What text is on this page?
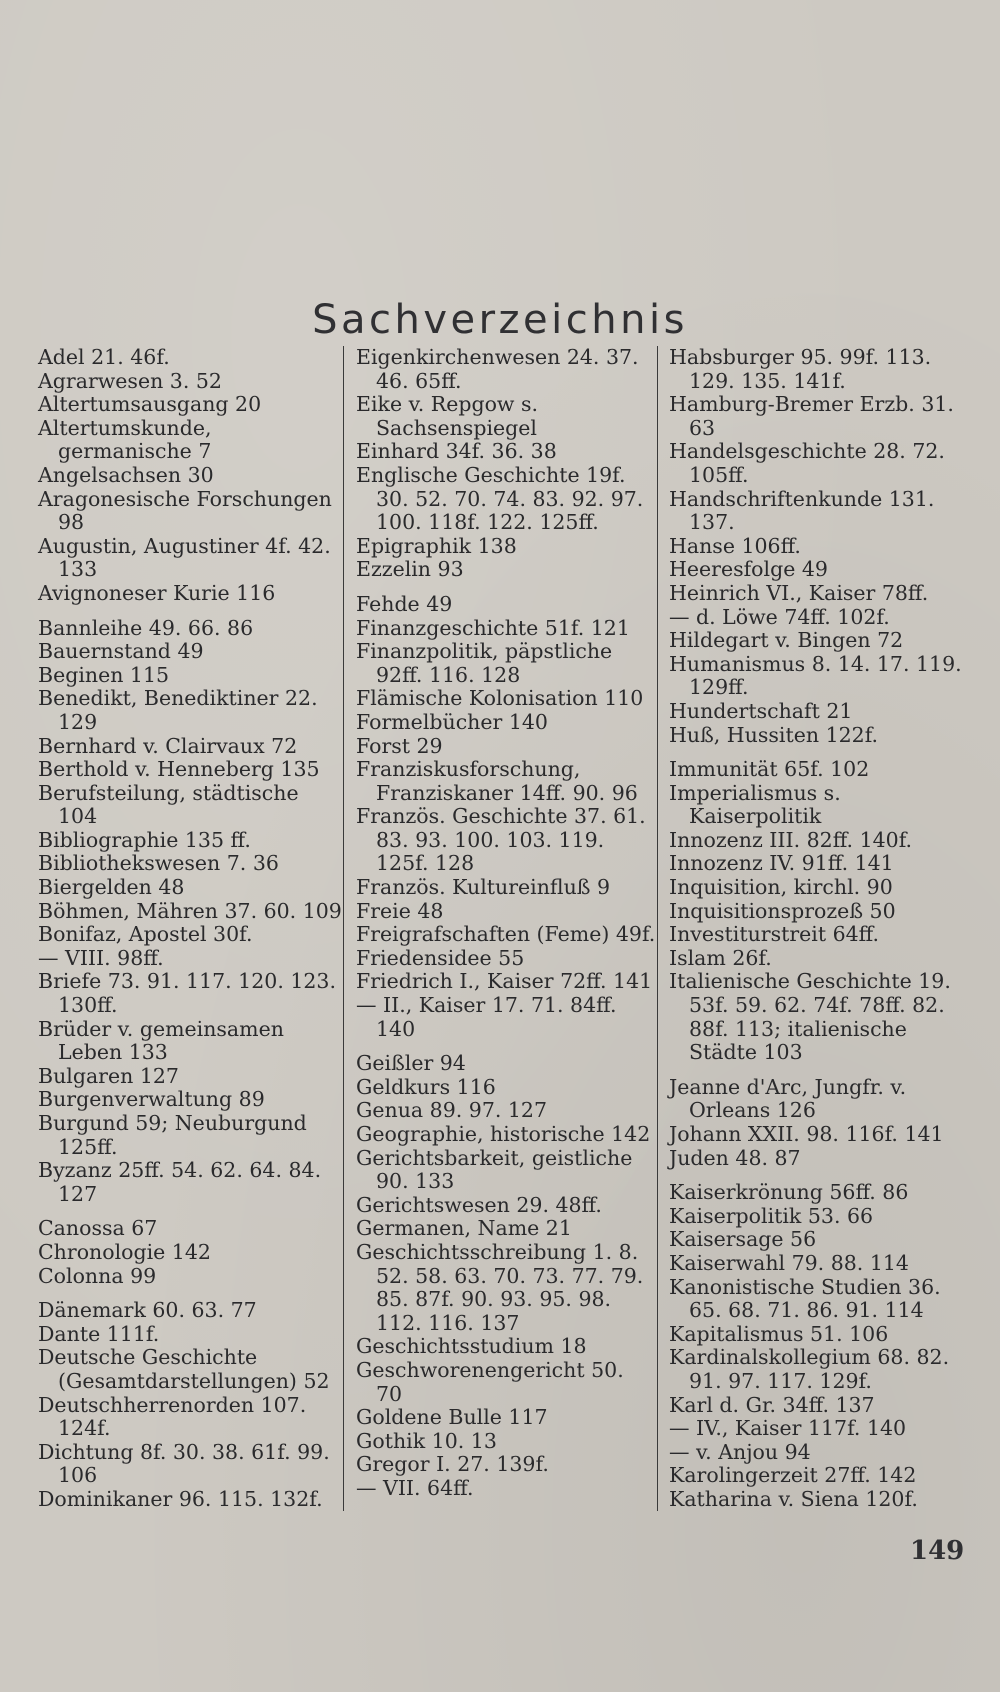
Sachverzeichnis
Adel 21. 46f.
Agrarwesen 3. 52
Altertumsausgang 20
Altertumskunde, germanische 7
Angelsachsen 30
Aragonesische Forschungen 98
Augustin, Augustiner 4f. 42. 133
Avignoneser Kurie 116
Bannleihe 49. 66. 86
Bauernstand 49
Beginen 115
Benedikt, Benediktiner 22. 129
Bernhard v. Clairvaux 72
Berthold v. Henneberg 135
Berufsteilung, städtische 104
Bibliographie 135 ff.
Bibliothekswesen 7. 36
Biergelden 48
Böhmen, Mähren 37. 60. 109
Bonifaz, Apostel 30f.
— VIII. 98ff.
Briefe 73. 91. 117. 120. 123. 130ff.
Brüder v. gemeinsamen Leben 133
Bulgaren 127
Burgenverwaltung 89
Burgund 59; Neuburgund 125ff.
Byzanz 25ff. 54. 62. 64. 84. 127
Canossa 67
Chronologie 142
Colonna 99
Dänemark 60. 63. 77
Dante 111f.
Deutsche Geschichte (Gesamtdarstellungen) 52
Deutschherrenorden 107. 124f.
Dichtung 8f. 30. 38. 61f. 99. 106
Dominikaner 96. 115. 132f.
Eigenkirchenwesen 24. 37. 46. 65ff.
Eike v. Repgow s. Sachsenspiegel
Einhard 34f. 36. 38
Englische Geschichte 19f. 30. 52. 70. 74. 83. 92. 97. 100. 118f. 122. 125ff.
Epigraphik 138
Ezzelin 93
Fehde 49
Finanzgeschichte 51f. 121
Finanzpolitik, päpstliche 92ff. 116. 128
Flämische Kolonisation 110
Formelbücher 140
Forst 29
Franziskusforschung, Franziskaner 14ff. 90. 96
Französ. Geschichte 37. 61. 83. 93. 100. 103. 119. 125f. 128
Französ. Kultureinfluß 9
Freie 48
Freigrafschaften (Feme) 49f.
Friedensidee 55
Friedrich I., Kaiser 72ff. 141
— II., Kaiser 17. 71. 84ff. 140
Geißler 94
Geldkurs 116
Genua 89. 97. 127
Geographie, historische 142
Gerichtsbarkeit, geistliche 90. 133
Gerichtswesen 29. 48ff.
Germanen, Name 21
Geschichtsschreibung 1. 8. 52. 58. 63. 70. 73. 77. 79. 85. 87f. 90. 93. 95. 98. 112. 116. 137
Geschichtsstudium 18
Geschworenengericht 50. 70
Goldene Bulle 117
Gothik 10. 13
Gregor I. 27. 139f.
— VII. 64ff.
Habsburger 95. 99f. 113. 129. 135. 141f.
Hamburg-Bremer Erzb. 31. 63
Handelsgeschichte 28. 72. 105ff.
Handschriftenkunde 131. 137.
Hanse 106ff.
Heeresfolge 49
Heinrich VI., Kaiser 78ff.
— d. Löwe 74ff. 102f.
Hildegart v. Bingen 72
Humanismus 8. 14. 17. 119. 129ff.
Hundertschaft 21
Huß, Hussiten 122f.
Immunität 65f. 102
Imperialismus s. Kaiserpolitik
Innozenz III. 82ff. 140f.
Innozenz IV. 91ff. 141
Inquisition, kirchl. 90
Inquisitionsprozeß 50
Investiturstreit 64ff.
Islam 26f.
Italienische Geschichte 19. 53f. 59. 62. 74f. 78ff. 82. 88f. 113; italienische Städte 103
Jeanne d'Arc, Jungfr. v. Orleans 126
Johann XXII. 98. 116f. 141
Juden 48. 87
Kaiserkrönung 56ff. 86
Kaiserpolitik 53. 66
Kaisersage 56
Kaiserwahl 79. 88. 114
Kanonistische Studien 36. 65. 68. 71. 86. 91. 114
Kapitalismus 51. 106
Kardinalskollegium 68. 82. 91. 97. 117. 129f.
Karl d. Gr. 34ff. 137
— IV., Kaiser 117f. 140
— v. Anjou 94
Karolingerzeit 27ff. 142
Katharina v. Siena 120f.
149
